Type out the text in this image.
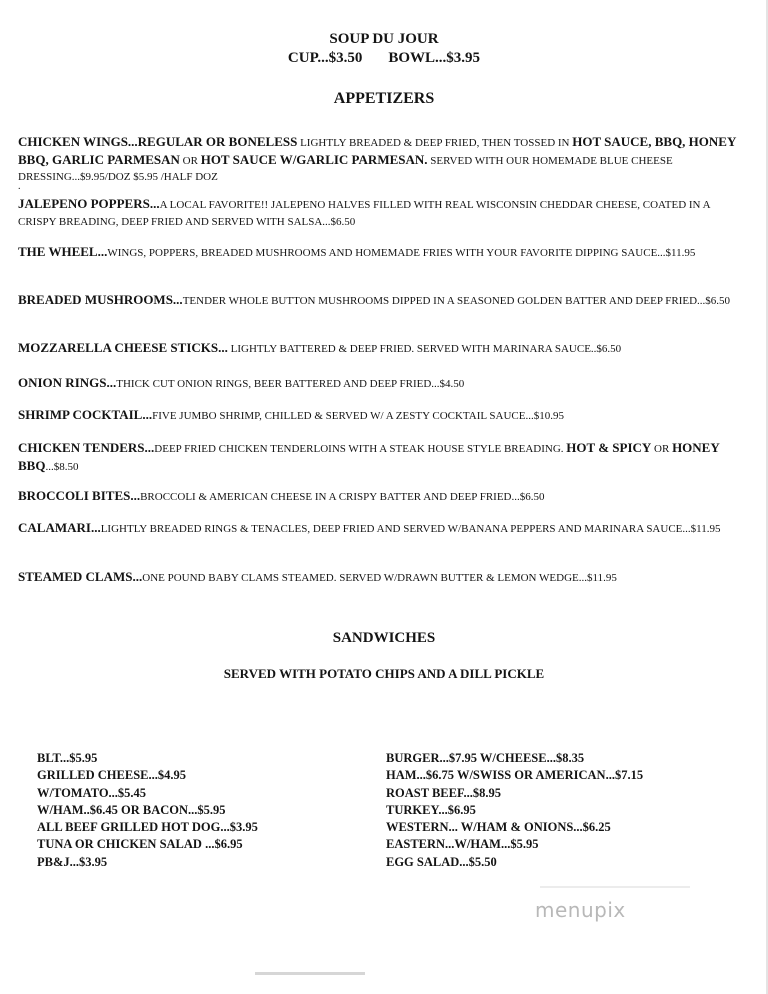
SOUP DU JOUR
CUP...$3.50 BOWL...$3.95
APPETIZERS
CHICKEN WINGS...REGULAR OR BONELESS LIGHTLY BREADED & DEEP FRIED, THEN TOSSED IN HOT SAUCE, BBQ, HONEY BBQ, GARLIC PARMESAN OR HOT SAUCE W/GARLIC PARMESAN. SERVED WITH OUR HOMEMADE BLUE CHEESE DRESSING...$9.95/DOZ $5.95 /HALF DOZ
JALEPENO POPPERS...A LOCAL FAVORITE!! JALEPENO HALVES FILLED WITH REAL WISCONSIN CHEDDAR CHEESE, COATED IN A CRISPY BREADING, DEEP FRIED AND SERVED WITH SALSA...$6.50
THE WHEEL...WINGS, POPPERS, BREADED MUSHROOMS AND HOMEMADE FRIES WITH YOUR FAVORITE DIPPING SAUCE...$11.95
BREADED MUSHROOMS...TENDER WHOLE BUTTON MUSHROOMS DIPPED IN A SEASONED GOLDEN BATTER AND DEEP FRIED...$6.50
MOZZARELLA CHEESE STICKS... LIGHTLY BATTERED & DEEP FRIED. SERVED WITH MARINARA SAUCE..$6.50
ONION RINGS...THICK CUT ONION RINGS, BEER BATTERED AND DEEP FRIED...$4.50
SHRIMP COCKTAIL...FIVE JUMBO SHRIMP, CHILLED & SERVED W/ A ZESTY COCKTAIL SAUCE...$10.95
CHICKEN TENDERS...DEEP FRIED CHICKEN TENDERLOINS WITH A STEAK HOUSE STYLE BREADING. HOT & SPICY OR HONEY BBQ...$8.50
BROCCOLI BITES...BROCCOLI & AMERICAN CHEESE IN A CRISPY BATTER AND DEEP FRIED...$6.50
CALAMARI...LIGHTLY BREADED RINGS & TENACLES, DEEP FRIED AND SERVED W/BANANA PEPPERS AND MARINARA SAUCE...$11.95
STEAMED CLAMS...ONE POUND BABY CLAMS STEAMED. SERVED W/DRAWN BUTTER & LEMON WEDGE...$11.95
.
SANDWICHES
SERVED WITH POTATO CHIPS AND A DILL PICKLE
BLT...$5.95
GRILLED CHEESE...$4.95
W/TOMATO...$5.45
W/HAM..$6.45 OR BACON...$5.95
ALL BEEF GRILLED HOT DOG...$3.95
TUNA OR CHICKEN SALAD ...$6.95
PB&J...$3.95
BURGER...$7.95 W/CHEESE...$8.35
HAM...$6.75 W/SWISS OR AMERICAN...$7.15
ROAST BEEF...$8.95
TURKEY...$6.95
WESTERN... W/HAM & ONIONS...$6.25
EASTERN...W/HAM...$5.95
EGG SALAD...$5.50
menupix
